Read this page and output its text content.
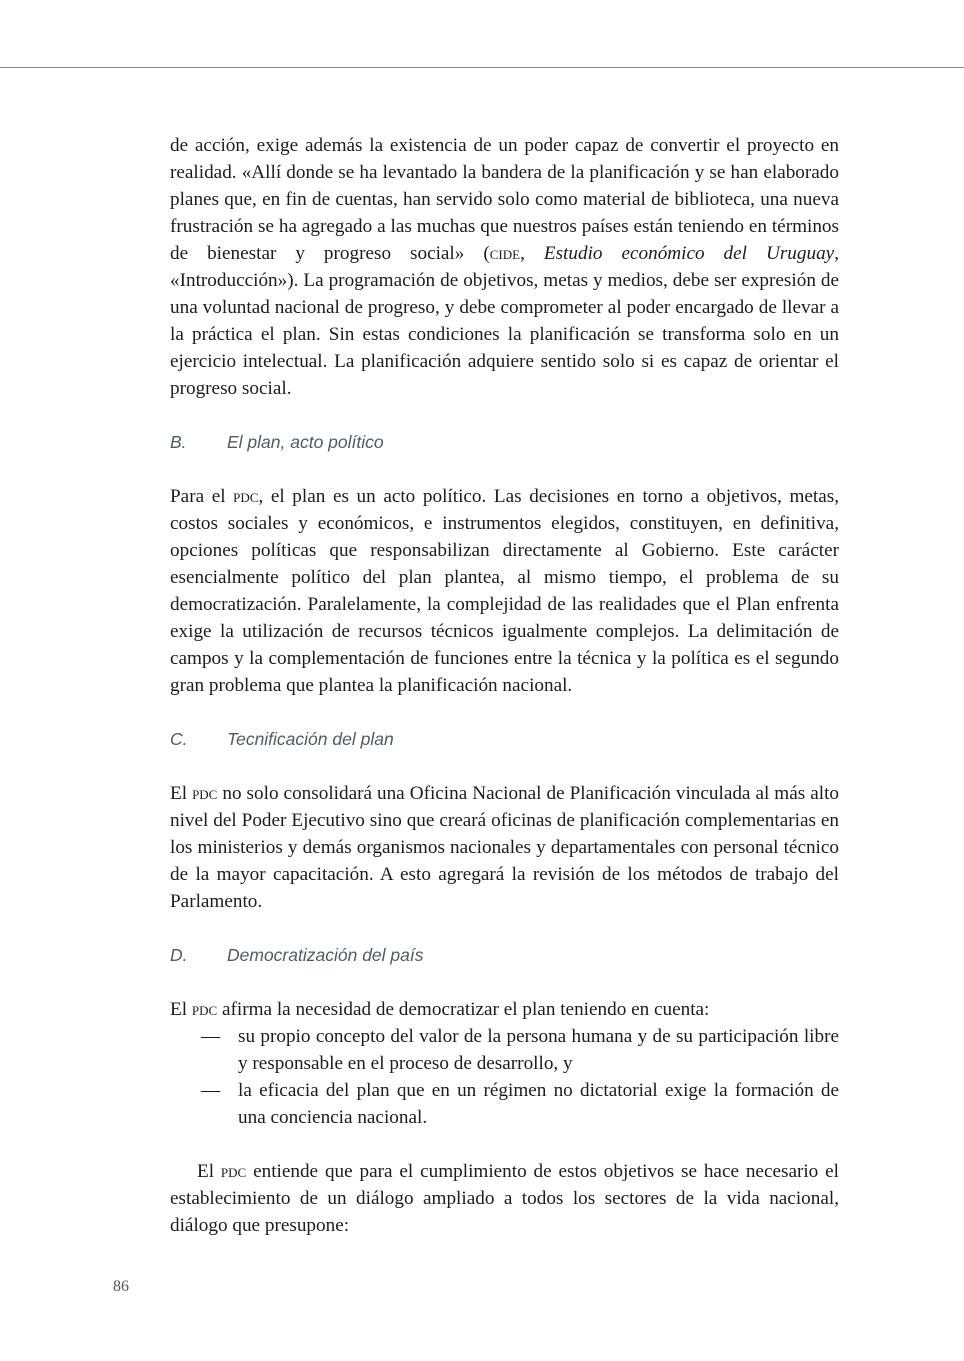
de acción, exige además la existencia de un poder capaz de convertir el proyecto en realidad. «Allí donde se ha levantado la bandera de la planificación y se han elaborado planes que, en fin de cuentas, han servido solo como material de biblioteca, una nueva frustración se ha agregado a las muchas que nuestros países están teniendo en términos de bienestar y progreso social» (cide, Estudio económico del Uruguay, «Introducción»). La programación de objetivos, metas y medios, debe ser expresión de una voluntad nacional de progreso, y debe comprometer al poder encargado de llevar a la práctica el plan. Sin estas condiciones la planificación se transforma solo en un ejercicio intelectual. La planificación adquiere sentido solo si es capaz de orientar el progreso social.

B.	El plan, acto político

Para el pdc, el plan es un acto político. Las decisiones en torno a objetivos, metas, costos sociales y económicos, e instrumentos elegidos, constituyen, en definitiva, opciones políticas que responsabilizan directamente al Gobierno. Este carácter esencialmente político del plan plantea, al mismo tiempo, el problema de su democratización. Paralelamente, la complejidad de las realidades que el Plan enfrenta exige la utilización de recursos técnicos igualmente complejos. La delimitación de campos y la complementación de funciones entre la técnica y la política es el segundo gran problema que plantea la planificación nacional.

C.	Tecnificación del plan

El pdc no solo consolidará una Oficina Nacional de Planificación vinculada al más alto nivel del Poder Ejecutivo sino que creará oficinas de planificación complementarias en los ministerios y demás organismos nacionales y departamentales con personal técnico de la mayor capacitación. A esto agregará la revisión de los métodos de trabajo del Parlamento.

D.	Democratización del país

El pdc afirma la necesidad de democratizar el plan teniendo en cuenta:

— su propio concepto del valor de la persona humana y de su participación libre y responsable en el proceso de desarrollo, y
— la eficacia del plan que en un régimen no dictatorial exige la formación de una conciencia nacional.

El pdc entiende que para el cumplimiento de estos objetivos se hace necesario el establecimiento de un diálogo ampliado a todos los sectores de la vida nacional, diálogo que presupone:

86
